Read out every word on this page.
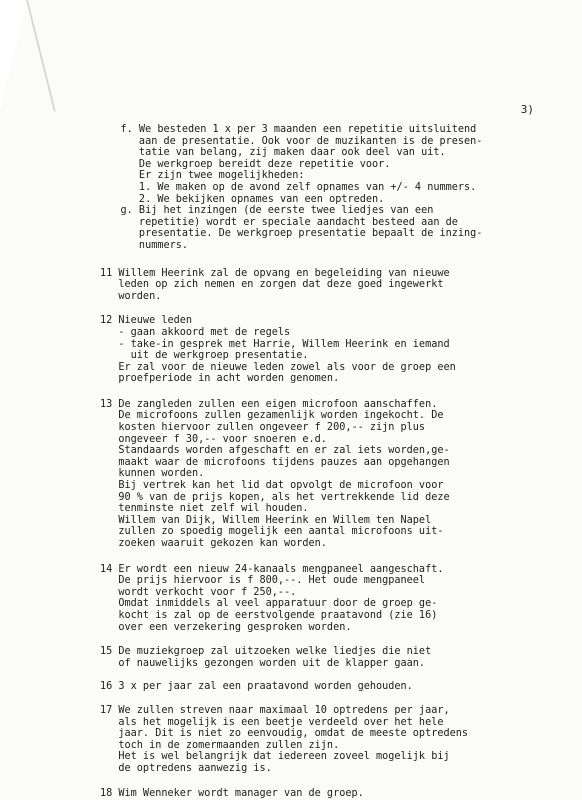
3)
f. We besteden 1 x per 3 maanden een repetitie uitsluitend
aan de presentatie. Ook voor de muzikanten is de presen-
tatie van belang, zij maken daar ook deel van uit.
De werkgroep bereidt deze repetitie voor.
Er zijn twee mogelijkheden:
1. We maken op de avond zelf opnames van +/- 4 nummers.
2. We bekijken opnames van een optreden.
g. Bij het inzingen (de eerste twee liedjes van een
repetitie) wordt er speciale aandacht besteed aan de
presentatie. De werkgroep presentatie bepaalt de inzing-
nummers.
11 Willem Heerink zal de opvang en begeleiding van nieuwe
leden op zich nemen en zorgen dat deze goed ingewerkt
worden.
12 Nieuwe leden
- gaan akkoord met de regels
- take-in gesprek met Harrie, Willem Heerink en iemand
uit de werkgroep presentatie.
Er zal voor de nieuwe leden zowel als voor de groep een
proefperiode in acht worden genomen.
13 De zangleden zullen een eigen microfoon aanschaffen.
De microfoons zullen gezamenlijk worden ingekocht. De
kosten hiervoor zullen ongeveer f 200,-- zijn plus
ongeveer f 30,-- voor snoeren e.d.
Standaards worden afgeschaft en er zal iets worden,ge-
maakt waar de microfoons tijdens pauzes aan opgehangen
kunnen worden.
Bij vertrek kan het lid dat opvolgt de microfoon voor
90 % van de prijs kopen, als het vertrekkende lid deze
tenminste niet zelf wil houden.
Willem van Dijk, Willem Heerink en Willem ten Napel
zullen zo spoedig mogelijk een aantal microfoons uit-
zoeken waaruit gekozen kan worden.
14 Er wordt een nieuw 24-kanaals mengpaneel aangeschaft.
De prijs hiervoor is f 800,--. Het oude mengpaneel
wordt verkocht voor f 250,--.
Omdat inmiddels al veel apparatuur door de groep ge-
kocht is zal op de eerstvolgende praatavond (zie 16)
over een verzekering gesproken worden.
15 De muziekgroep zal uitzoeken welke liedjes die niet
of nauwelijks gezongen worden uit de klapper gaan.
16 3 x per jaar zal een praatavond worden gehouden.
17 We zullen streven naar maximaal 10 optredens per jaar,
als het mogelijk is een beetje verdeeld over het hele
jaar. Dit is niet zo eenvoudig, omdat de meeste optredens
toch in de zomermaanden zullen zijn.
Het is wel belangrijk dat iedereen zoveel mogelijk bij
de optredens aanwezig is.
18 Wim Wenneker wordt manager van de groep.
